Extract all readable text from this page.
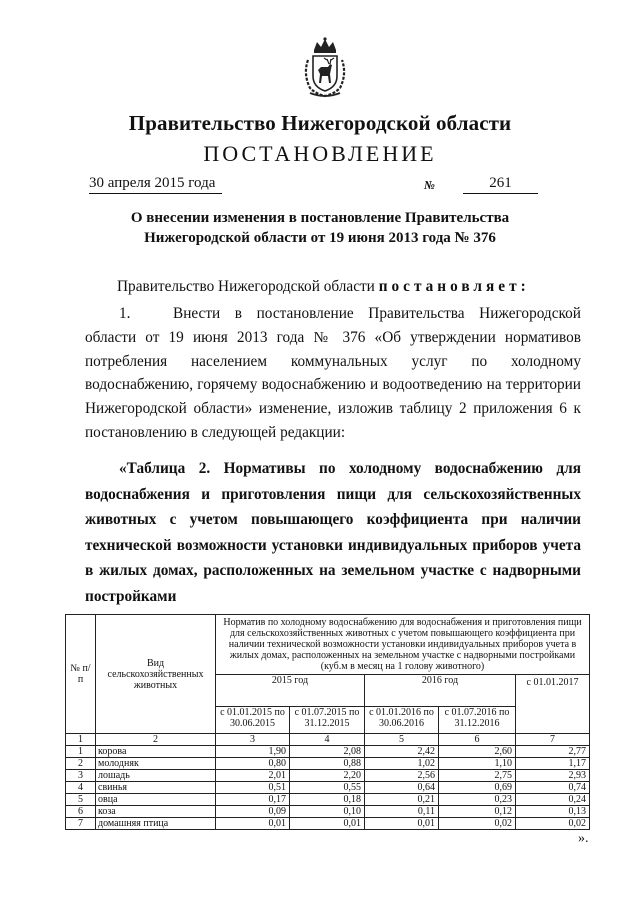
Правительство Нижегородской области
ПОСТАНОВЛЕНИЕ
30 апреля 2015 года	№	261
О внесении изменения в постановление Правительства
Нижегородской области от 19 июня 2013 года № 376
Правительство Нижегородской области постановляет:
1.	Внести в постановление Правительства Нижегородской области от 19 июня 2013 года № 376 «Об утверждении нормативов потребления населением коммунальных услуг по холодному водоснабжению, горячему водоснабжению и водоотведению на территории Нижегородской области» изменение, изложив таблицу 2 приложения 6 к постановлению в следующей редакции:
«Таблица 2. Нормативы по холодному водоснабжению для водоснабжения и приготовления пищи для сельскохозяйственных животных с учетом повышающего коэффициента при наличии технической возможности установки индивидуальных приборов учета в жилых домах, расположенных на земельном участке с надворными постройками
№ п/п	Вид сельскохозяйственных животных	Норматив по холодному водоснабжению для водоснабжения и приготовления пищи для сельскохозяйственных животных с учетом повышающего коэффициента при наличии технической возможности установки индивидуальных приборов учета в жилых домах, расположенных на земельном участке с надворными постройками (куб.м в месяц на 1 голову животного)				
		2015 год		2016 год		с 01.01.2017
		с 01.01.2015 по 30.06.2015	с 01.07.2015 по 31.12.2015	с 01.01.2016 по 30.06.2016	с 01.07.2016 по 31.12.2016	
1	2	3	4	5	6	7
1	корова	1,90	2,08	2,42	2,60	2,77
2	молодняк	0,80	0,88	1,02	1,10	1,17
3	лошадь	2,01	2,20	2,56	2,75	2,93
4	свинья	0,51	0,55	0,64	0,69	0,74
5	овца	0,17	0,18	0,21	0,23	0,24
6	коза	0,09	0,10	0,11	0,12	0,13
7	домашняя птица	0,01	0,01	0,01	0,02	0,02
».
